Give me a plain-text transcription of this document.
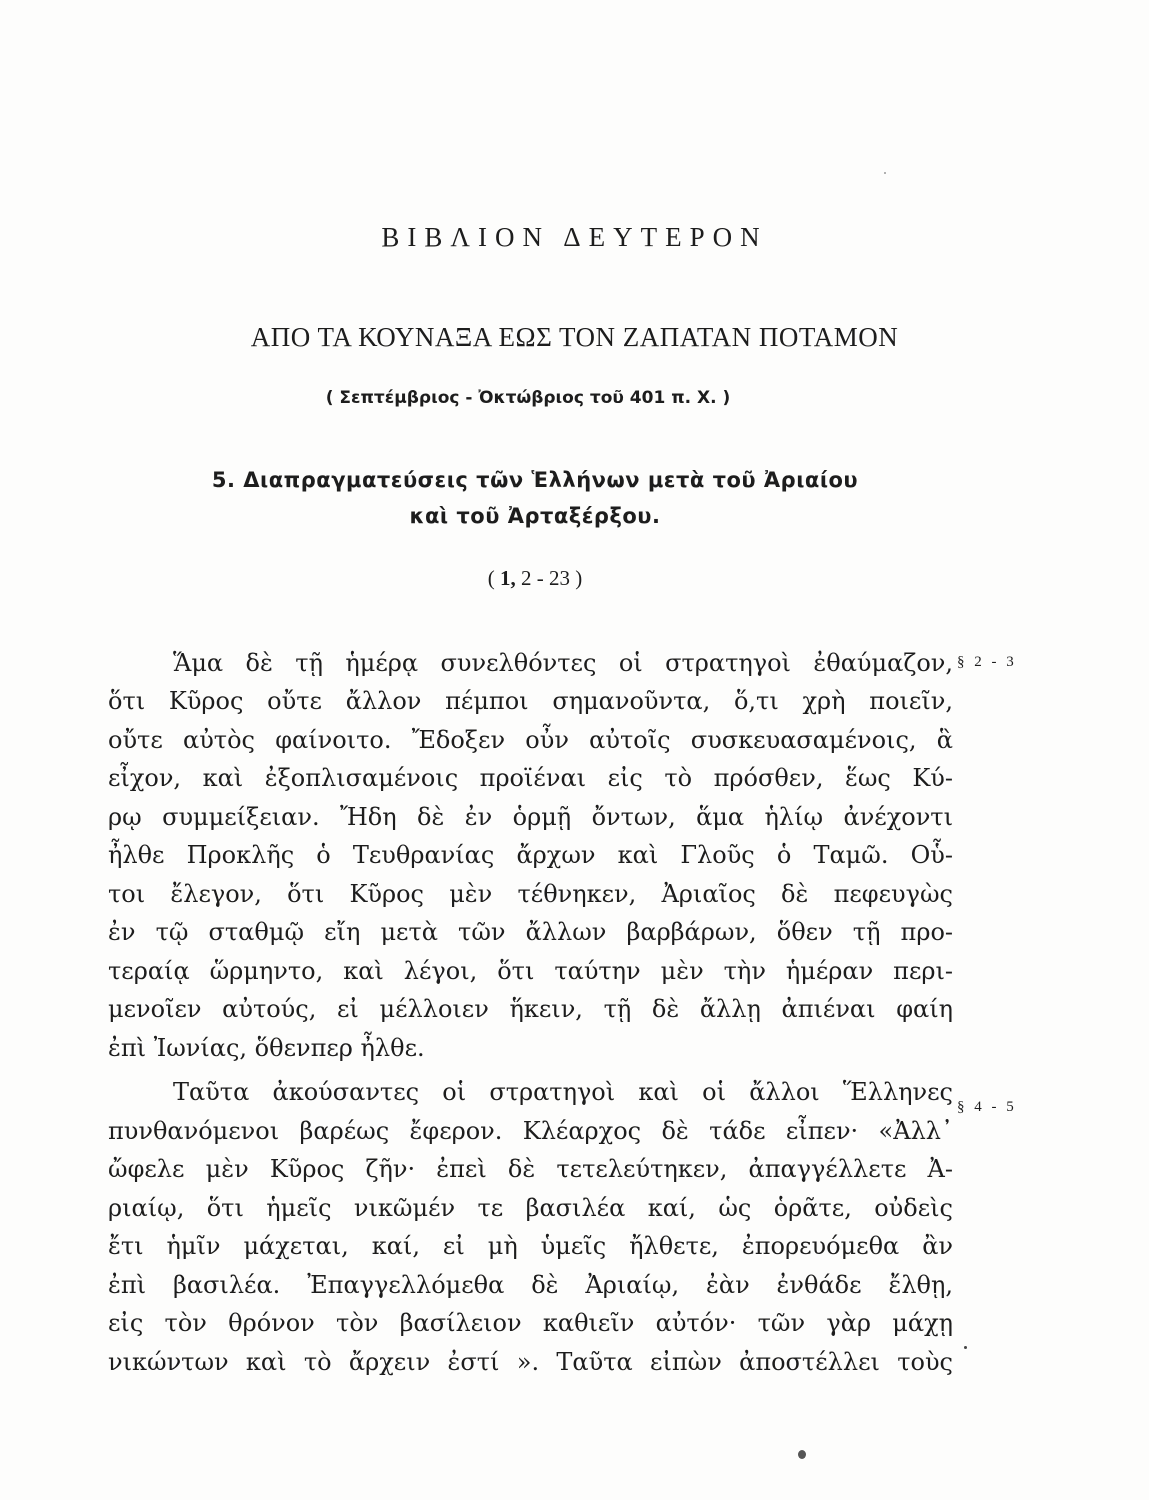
ΒΙΒΛΙΟΝ ΔΕΥΤΕΡΟΝ
ΑΠΟ ΤΑ ΚΟΥΝΑΞΑ ΕΩΣ ΤΟΝ ΖΑΠΑΤΑΝ ΠΟΤΑΜΟΝ
( Σεπτέμβριος - Ὀκτώβριος τοῦ 401 π. Χ. )
5. Διαπραγματεύσεις τῶν Ἑλλήνων μετὰ τοῦ Ἀριαίου
καὶ τοῦ Ἀρταξέρξου.
( 1, 2 - 23 )
Ἅμα δὲ τῇ ἡμέρᾳ συνελθόντες οἱ στρατηγοὶ ἐθαύμαζον,
ὅτι Κῦρος οὔτε ἄλλον πέμποι σημανοῦντα, ὅ,τι χρὴ ποιεῖν,
οὔτε αὐτὸς φαίνοιτο. Ἔδοξεν οὖν αὐτοῖς συσκευασαμένοις, ἃ
εἶχον, καὶ ἐξοπλισαμένοις προϊέναι εἰς τὸ πρόσθεν, ἕως Κύ-
ρῳ συμμείξειαν. Ἤδη δὲ ἐν ὁρμῇ ὄντων, ἅμα ἡλίῳ ἀνέχοντι
ἦλθε Προκλῆς ὁ Τευθρανίας ἄρχων καὶ Γλοῦς ὁ Ταμῶ. Οὗ-
τοι ἔλεγον, ὅτι Κῦρος μὲν τέθνηκεν, Ἀριαῖος δὲ πεφευγὼς
ἐν τῷ σταθμῷ εἴη μετὰ τῶν ἄλλων βαρβάρων, ὅθεν τῇ προ-
τεραίᾳ ὥρμηντο, καὶ λέγοι, ὅτι ταύτην μὲν τὴν ἡμέραν περι-
μενοῖεν αὐτούς, εἰ μέλλοιεν ἥκειν, τῇ δὲ ἄλλῃ ἀπιέναι φαίη
ἐπὶ Ἰωνίας, ὅθενπερ ἦλθε.
§ 2 - 3
Ταῦτα ἀκούσαντες οἱ στρατηγοὶ καὶ οἱ ἄλλοι Ἕλληνες
πυνθανόμενοι βαρέως ἔφερον. Κλέαρχος δὲ τάδε εἶπεν· «Ἀλλ᾽
ὤφελε μὲν Κῦρος ζῆν· ἐπεὶ δὲ τετελεύτηκεν, ἀπαγγέλλετε Ἀ-
ριαίῳ, ὅτι ἡμεῖς νικῶμέν τε βασιλέα καί, ὡς ὁρᾶτε, οὐδεὶς
ἔτι ἡμῖν μάχεται, καί, εἰ μὴ ὑμεῖς ἤλθετε, ἐπορευόμεθα ἂν
ἐπὶ βασιλέα. Ἐπαγγελλόμεθα δὲ Ἀριαίῳ, ἐὰν ἐνθάδε ἔλθῃ,
εἰς τὸν θρόνον τὸν βασίλειον καθιεῖν αὐτόν· τῶν γὰρ μάχῃ
νικώντων καὶ τὸ ἄρχειν ἐστί ». Ταῦτα εἰπὼν ἀποστέλλει τοὺς
§ 4 - 5
